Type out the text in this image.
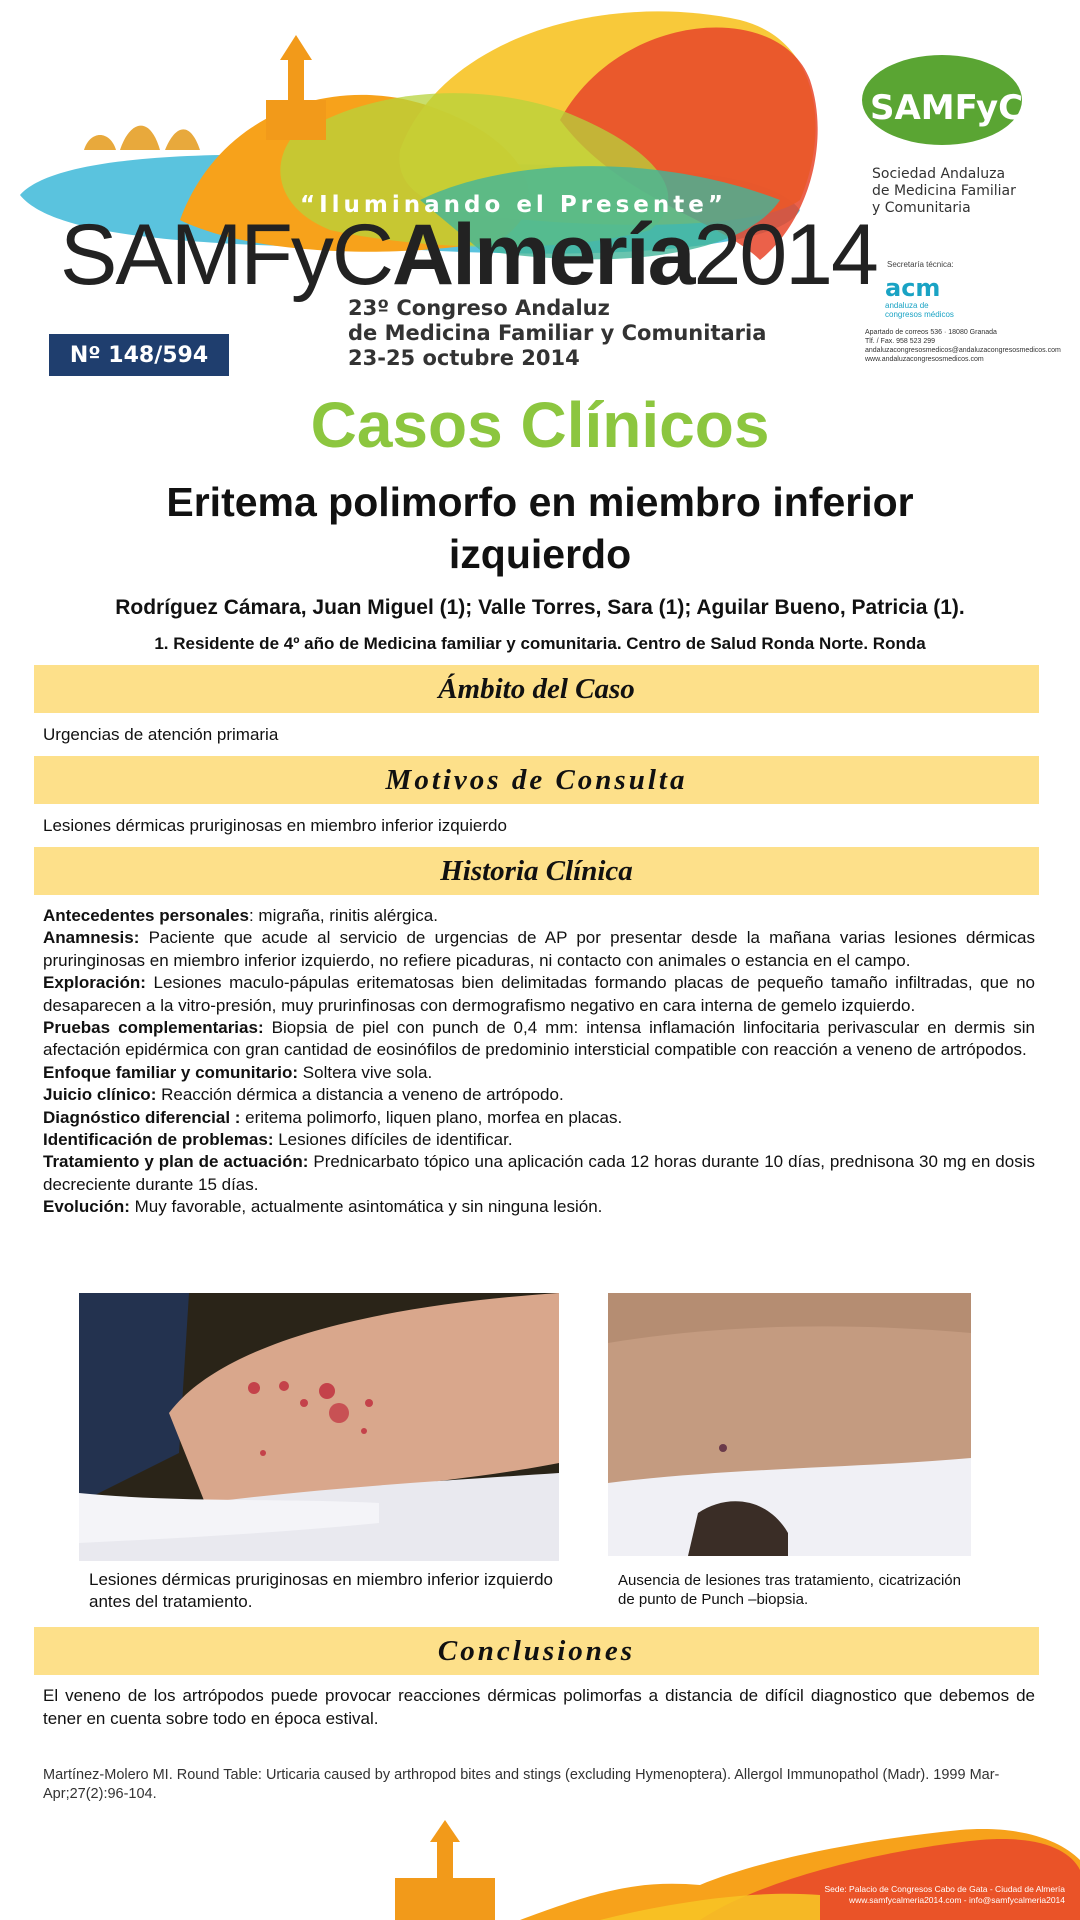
“Iluminando el Presente”
SAMFyCAlmería2014
23º Congreso Andaluz
de Medicina Familiar y Comunitaria
23-25 octubre 2014
Nº 148/594
SAMFyC
Sociedad Andaluza
de Medicina Familiar
y Comunitaria
Secretaría técnica:
acm
andaluza de
congresos médicos
Apartado de correos 536 · 18080 Granada
Tlf. / Fax. 958 523 299
andaluzacongresosmedicos@andaluzacongresosmedicos.com
www.andaluzacongresosmedicos.com
Casos Clínicos
Eritema polimorfo en miembro inferior izquierdo
Rodríguez Cámara, Juan Miguel (1); Valle Torres, Sara (1); Aguilar Bueno, Patricia (1).
1. Residente de 4º año de Medicina familiar y comunitaria. Centro de Salud Ronda Norte. Ronda
Ámbito del Caso
Urgencias de atención primaria
Motivos de Consulta
Lesiones dérmicas pruriginosas en miembro inferior izquierdo
Historia Clínica

Antecedentes personales: migraña, rinitis alérgica.

Anamnesis: Paciente que acude al servicio de urgencias de AP por presentar desde la mañana varias lesiones dérmicas pruringinosas en miembro inferior izquierdo, no refiere picaduras, ni contacto con animales o estancia en el campo.

Exploración: Lesiones maculo-pápulas eritematosas bien delimitadas formando placas de pequeño tamaño infiltradas, que no desaparecen a la vitro-presión, muy prurinfinosas con dermografismo negativo en cara interna de gemelo izquierdo.

Pruebas complementarias: Biopsia de piel con punch de 0,4 mm: intensa inflamación linfocitaria perivascular en dermis sin afectación epidérmica con gran cantidad de eosinófilos de predominio intersticial compatible con reacción a veneno de artrópodos.

Enfoque familiar y comunitario: Soltera vive sola.

Juicio clínico: Reacción dérmica a distancia a veneno de artrópodo.

Diagnóstico diferencial : eritema polimorfo, liquen plano, morfea en placas.

Identificación de problemas: Lesiones difíciles de identificar.

Tratamiento y plan de actuación: Prednicarbato tópico una aplicación cada 12 horas durante 10 días, prednisona 30 mg en dosis decreciente durante 15 días.

Evolución: Muy favorable, actualmente asintomática y sin ninguna lesión.

Lesiones dérmicas pruriginosas en miembro inferior izquierdo antes del tratamiento.
Ausencia de lesiones tras tratamiento, cicatrización de punto de Punch –biopsia.
Conclusiones
El veneno de los artrópodos puede provocar reacciones dérmicas polimorfas a distancia de difícil diagnostico que debemos de tener en cuenta sobre todo en época estival.
Martínez-Molero MI. Round Table: Urticaria caused by arthropod bites and stings (excluding Hymenoptera). Allergol Immunopathol (Madr). 1999 Mar-Apr;27(2):96-104.
Sede: Palacio de Congresos Cabo de Gata - Ciudad de Almería
www.samfycalmeria2014.com - info@samfycalmeria2014
